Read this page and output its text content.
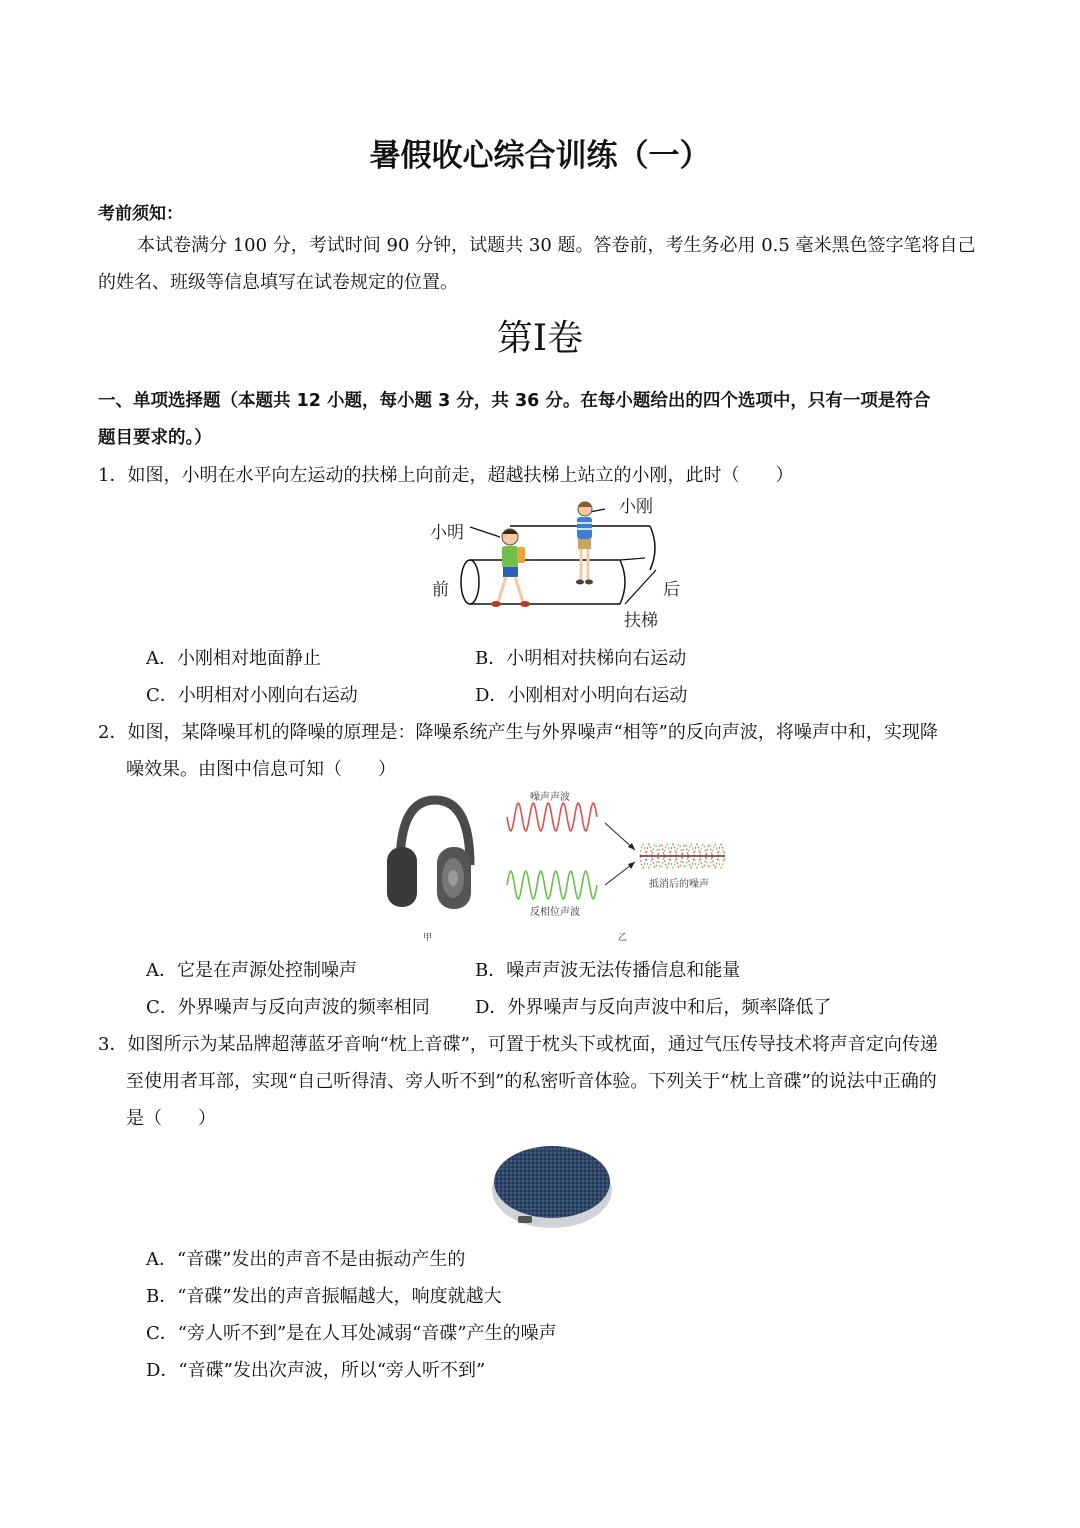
暑假收心综合训练（一）
考前须知：
本试卷满分 100 分，考试时间 90 分钟，试题共 30 题。答卷前，考生务必用 0.5 毫米黑色签字笔将自己
的姓名、班级等信息填写在试卷规定的位置。
第I卷
一、单项选择题（本题共 12 小题，每小题 3 分，共 36 分。在每小题给出的四个选项中，只有一项是符合
题目要求的。）
1．如图，小明在水平向左运动的扶梯上向前走，超越扶梯上站立的小刚，此时（　　）
小明
小刚
前	后
扶梯
A．小刚相对地面静止	B．小明相对扶梯向右运动
C．小明相对小刚向右运动	D．小刚相对小明向右运动
2．如图，某降噪耳机的降噪的原理是：降噪系统产生与外界噪声“相等”的反向声波，将噪声中和，实现降
噪效果。由图中信息可知（　　）
甲
噪声声波
反相位声波
抵消后的噪声
乙
A．它是在声源处控制噪声	B．噪声声波无法传播信息和能量
C．外界噪声与反向声波的频率相同	D．外界噪声与反向声波中和后，频率降低了
3．如图所示为某品牌超薄蓝牙音响“枕上音碟”，可置于枕头下或枕面，通过气压传导技术将声音定向传递
至使用者耳部，实现“自己听得清、旁人听不到”的私密听音体验。下列关于“枕上音碟”的说法中正确的
是（　　）
A．“音碟”发出的声音不是由振动产生的
B．“音碟”发出的声音振幅越大，响度就越大
C．“旁人听不到”是在人耳处减弱“音碟”产生的噪声
D．“音碟”发出次声波，所以“旁人听不到”
